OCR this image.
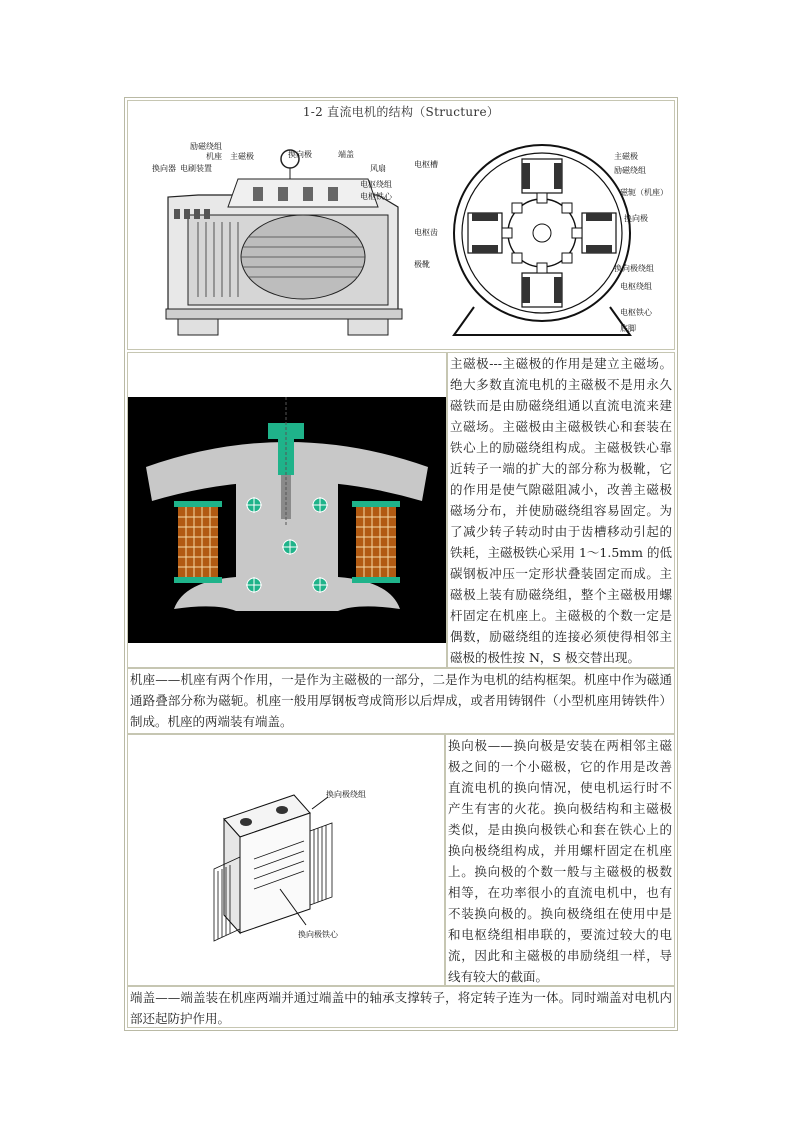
1-2 直流电机的结构（Structure）
励磁绕组
机座 主磁极	换向极	端盖
换向器 电刷装置	风扇
电枢绕组
电枢铁心
电枢槽
主磁极
励磁绕组
磁轭（机座）
换向极
电枢齿
极靴	换向极绕组
电枢绕组
电枢铁心
底脚

主磁极---主磁极的作用是建立主磁场。绝大多数直流电机的主磁极不是用永久磁铁而是由励磁绕组通以直流电流来建立磁场。主磁极由主磁极铁心和套装在铁心上的励磁绕组构成。主磁极铁心靠近转子一端的扩大的部分称为极靴，它的作用是使气隙磁阻减小，改善主磁极磁场分布，并使励磁绕组容易固定。为了减少转子转动时由于齿槽移动引起的铁耗，主磁极铁心采用 1～1.5mm 的低碳钢板冲压一定形状叠装固定而成。主磁极上装有励磁绕组，整个主磁极用螺杆固定在机座上。主磁极的个数一定是偶数，励磁绕组的连接必须使得相邻主磁极的极性按 N，S 极交替出现。

机座——机座有两个作用，一是作为主磁极的一部分，二是作为电机的结构框架。机座中作为磁通通路叠部分称为磁轭。机座一般用厚钢板弯成筒形以后焊成，或者用铸钢件（小型机座用铸铁件）制成。机座的两端装有端盖。

换向极绕组
换向极铁心

换向极——换向极是安装在两相邻主磁极之间的一个小磁极，它的作用是改善直流电机的换向情况，使电机运行时不产生有害的火花。换向极结构和主磁极类似，是由换向极铁心和套在铁心上的换向极绕组构成，并用螺杆固定在机座上。换向极的个数一般与主磁极的极数相等，在功率很小的直流电机中，也有不装换向极的。换向极绕组在使用中是和电枢绕组相串联的，要流过较大的电流，因此和主磁极的串励绕组一样，导线有较大的截面。

端盖——端盖装在机座两端并通过端盖中的轴承支撑转子，将定转子连为一体。同时端盖对电机内部还起防护作用。
